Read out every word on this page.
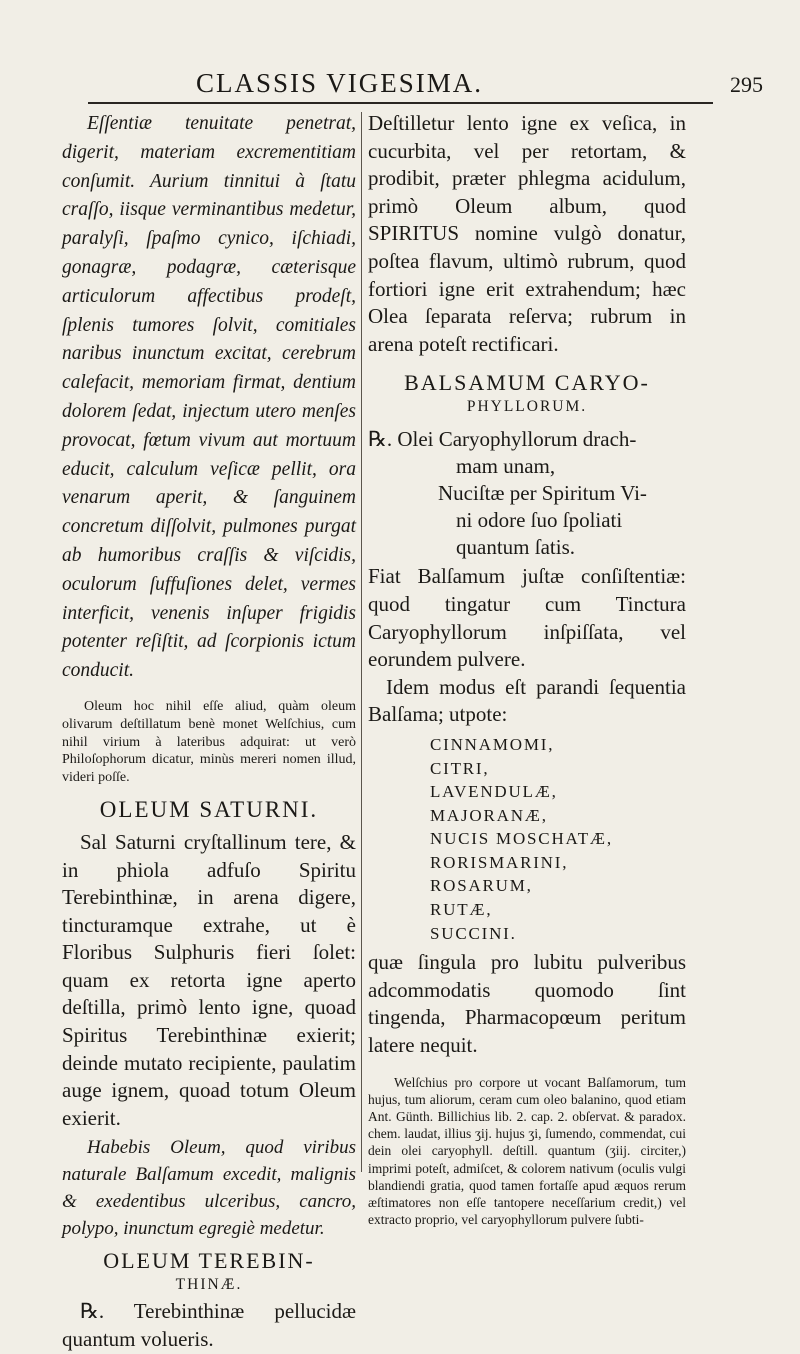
CLASSIS VIGESIMA.	295

Eſſentiæ tenuitate penetrat, digerit, materiam excrementitiam conſumit. Aurium tinnitui à ſtatu craſſo, iisque verminantibus medetur, paralyſi, ſpaſmo cynico, iſchiadi, gonagræ, podagræ, cæterisque articulorum affectibus prodeſt, ſplenis tumores ſolvit, comitiales naribus inunctum excitat, cerebrum calefacit, memoriam firmat, dentium dolorem ſedat, injectum utero menſes provocat, fœtum vivum aut mortuum educit, calculum veſicæ pellit, ora venarum aperit, & ſanguinem concretum diſſolvit, pulmones purgat ab humoribus craſſis & viſcidis, oculorum ſuffuſiones delet, vermes interficit, venenis inſuper frigidis potenter reſiſtit, ad ſcorpionis ictum conducit.

Oleum hoc nihil eſſe aliud, quàm oleum olivarum deſtillatum benè monet Welſchius, cum nihil virium à lateribus adquirat: ut verò Philoſophorum dicatur, minùs mereri nomen illud, videri poſſe.

OLEUM SATURNI.

Sal Saturni cryſtallinum tere, & in phiola adfuſo Spiritu Terebinthinæ, in arena digere, tincturamque extrahe, ut è Floribus Sulphuris fieri ſolet: quam ex retorta igne aperto deſtilla, primò lento igne, quoad Spiritus Terebinthinæ exierit; deinde mutato recipiente, paulatim auge ignem, quoad totum Oleum exierit.

Habebis Oleum, quod viribus naturale Balſamum excedit, malignis & exedentibus ulceribus, cancro, polypo, inunctum egregiè medetur.

OLEUM TEREBIN-
THINÆ.

℞. Terebinthinæ pellucidæ quantum volueris.

Deſtilletur lento igne ex veſica, in cucurbita, vel per retortam, & prodibit, præter phlegma acidulum, primò Oleum album, quod SPIRITUS nomine vulgò donatur, poſtea flavum, ultimò rubrum, quod fortiori igne erit extrahendum; hæc Olea ſeparata reſerva; rubrum in arena poteſt rectificari.

BALSAMUM CARYO-
PHYLLORUM.
℞. Olei Caryophyllorum drach-
mam unam,
Nuciſtæ per Spiritum Vi-
ni odore ſuo ſpoliati
quantum ſatis.

Fiat Balſamum juſtæ conſiſtentiæ: quod tingatur cum Tinctura Caryophyllorum inſpiſſata, vel eorundem pulvere.

Idem modus eſt parandi ſequentia Balſama; utpote:

CINNAMOMI,
CITRI,
LAVENDULÆ,
MAJORANÆ,
NUCIS MOSCHATÆ,
RORISMARINI,
ROSARUM,
RUTÆ,
SUCCINI.

quæ ſingula pro lubitu pulveribus adcommodatis quomodo ſint tingenda, Pharmacopœum peritum latere nequit.

Welſchius pro corpore ut vocant Balſamorum, tum hujus, tum aliorum, ceram cum oleo balanino, quod etiam Ant. Günth. Billichius lib. 2. cap. 2. obſervat. & paradox. chem. laudat, illius ʒij. hujus ʒi, ſumendo, commendat, cui dein olei caryophyll. deſtill. quantum (ʒiij. circiter,) imprimi poteſt, admiſcet, & colorem nativum (oculis vulgi blandiendi gratia, quod tamen fortaſſe apud æquos rerum æſtimatores non eſſe tantopere neceſſarium credit,) vel extracto proprio, vel caryophyllorum pulvere ſubti-
